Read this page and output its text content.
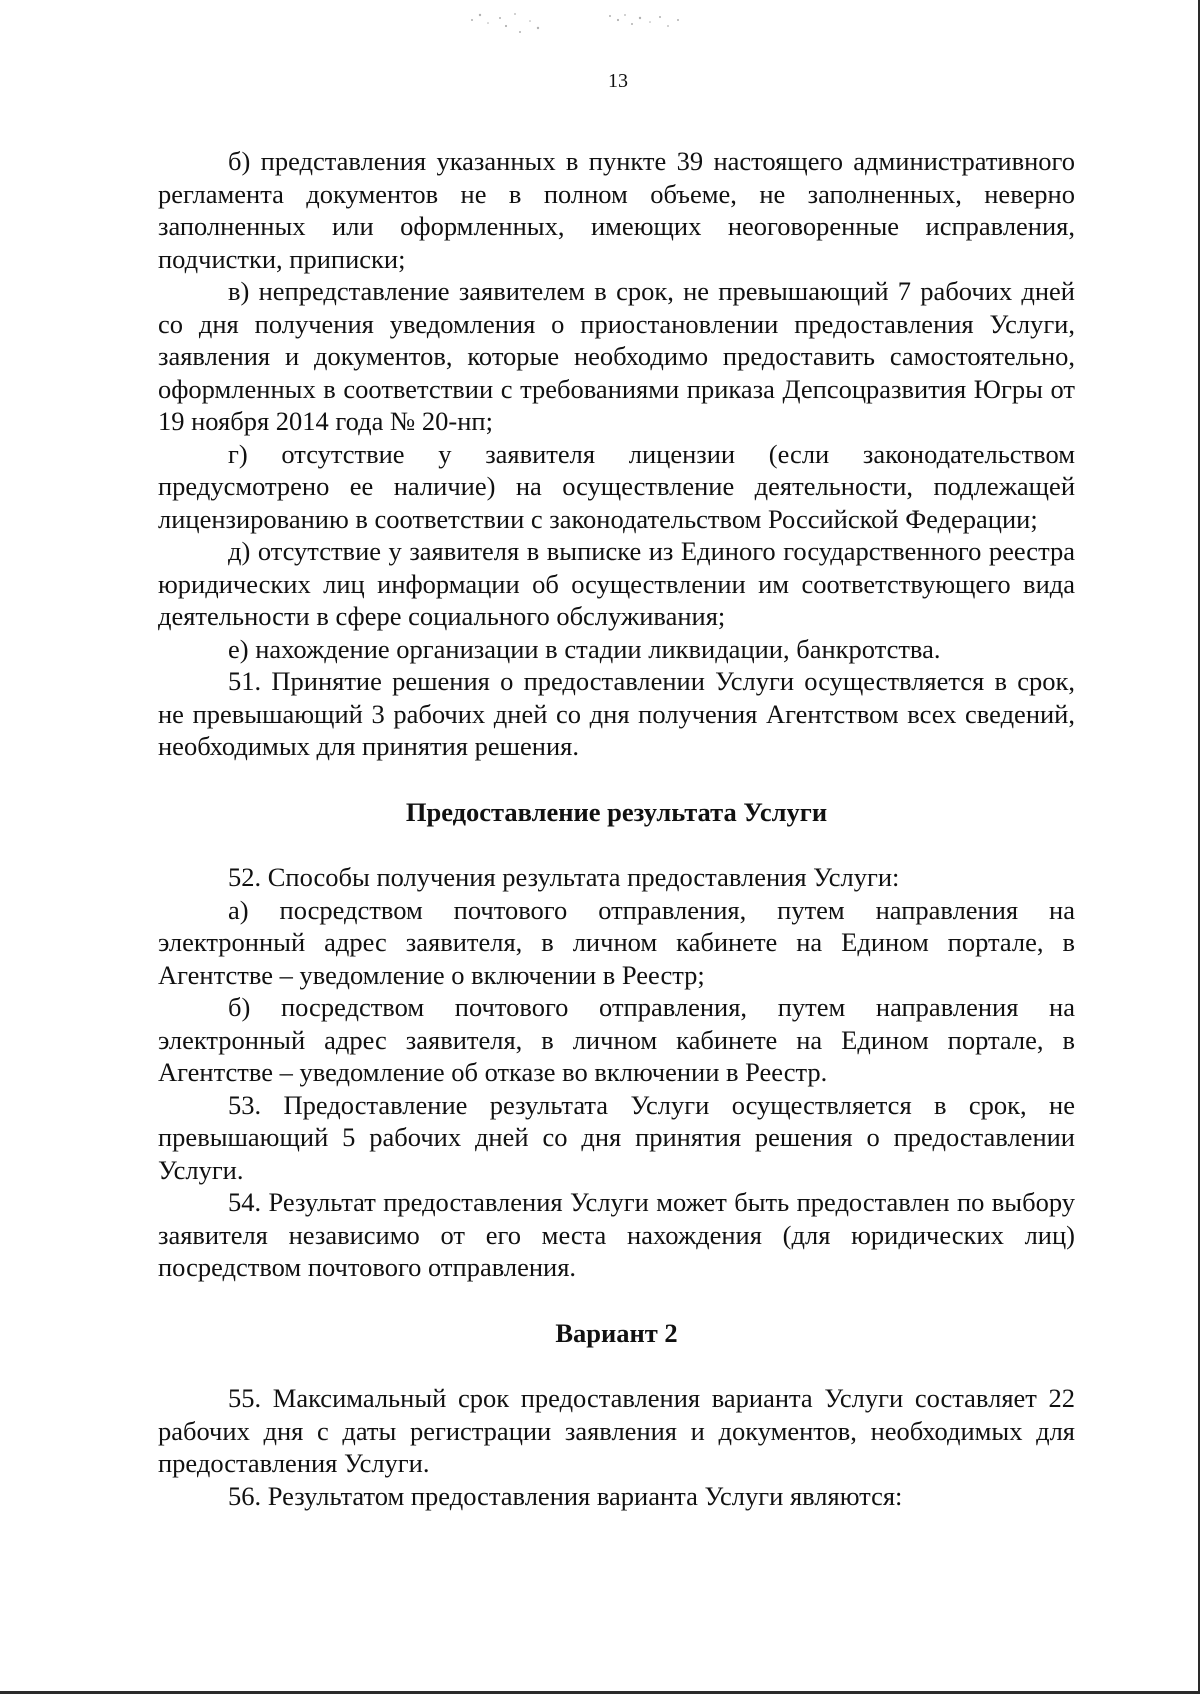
13

б) представления указанных в пункте 39 настоящего административного регламента документов не в полном объеме, не заполненных, неверно заполненных или оформленных, имеющих неоговоренные исправления, подчистки, приписки;

в) непредставление заявителем в срок, не превышающий 7 рабочих дней со дня получения уведомления о приостановлении предоставления Услуги, заявления и документов, которые необходимо предоставить самостоятельно, оформленных в соответствии с требованиями приказа Депсоцразвития Югры от 19 ноября 2014 года № 20-нп;

г) отсутствие у заявителя лицензии (если законодательством предусмотрено ее наличие) на осуществление деятельности, подлежащей лицензированию в соответствии с законодательством Российской Федерации;

д) отсутствие у заявителя в выписке из Единого государственного реестра юридических лиц информации об осуществлении им соответствующего вида деятельности в сфере социального обслуживания;

е) нахождение организации в стадии ликвидации, банкротства.

51. Принятие решения о предоставлении Услуги осуществляется в срок, не превышающий 3 рабочих дней со дня получения Агентством всех сведений, необходимых для принятия решения.

Предоставление результата Услуги

52. Способы получения результата предоставления Услуги:

а) посредством почтового отправления, путем направления на электронный адрес заявителя, в личном кабинете на Едином портале, в Агентстве – уведомление о включении в Реестр;

б) посредством почтового отправления, путем направления на электронный адрес заявителя, в личном кабинете на Едином портале, в Агентстве – уведомление об отказе во включении в Реестр.

53. Предоставление результата Услуги осуществляется в срок, не превышающий 5 рабочих дней со дня принятия решения о предоставлении Услуги.

54. Результат предоставления Услуги может быть предоставлен по выбору заявителя независимо от его места нахождения (для юридических лиц) посредством почтового отправления.

Вариант 2

55. Максимальный срок предоставления варианта Услуги составляет 22 рабочих дня с даты регистрации заявления и документов, необходимых для предоставления Услуги.

56. Результатом предоставления варианта Услуги являются:
